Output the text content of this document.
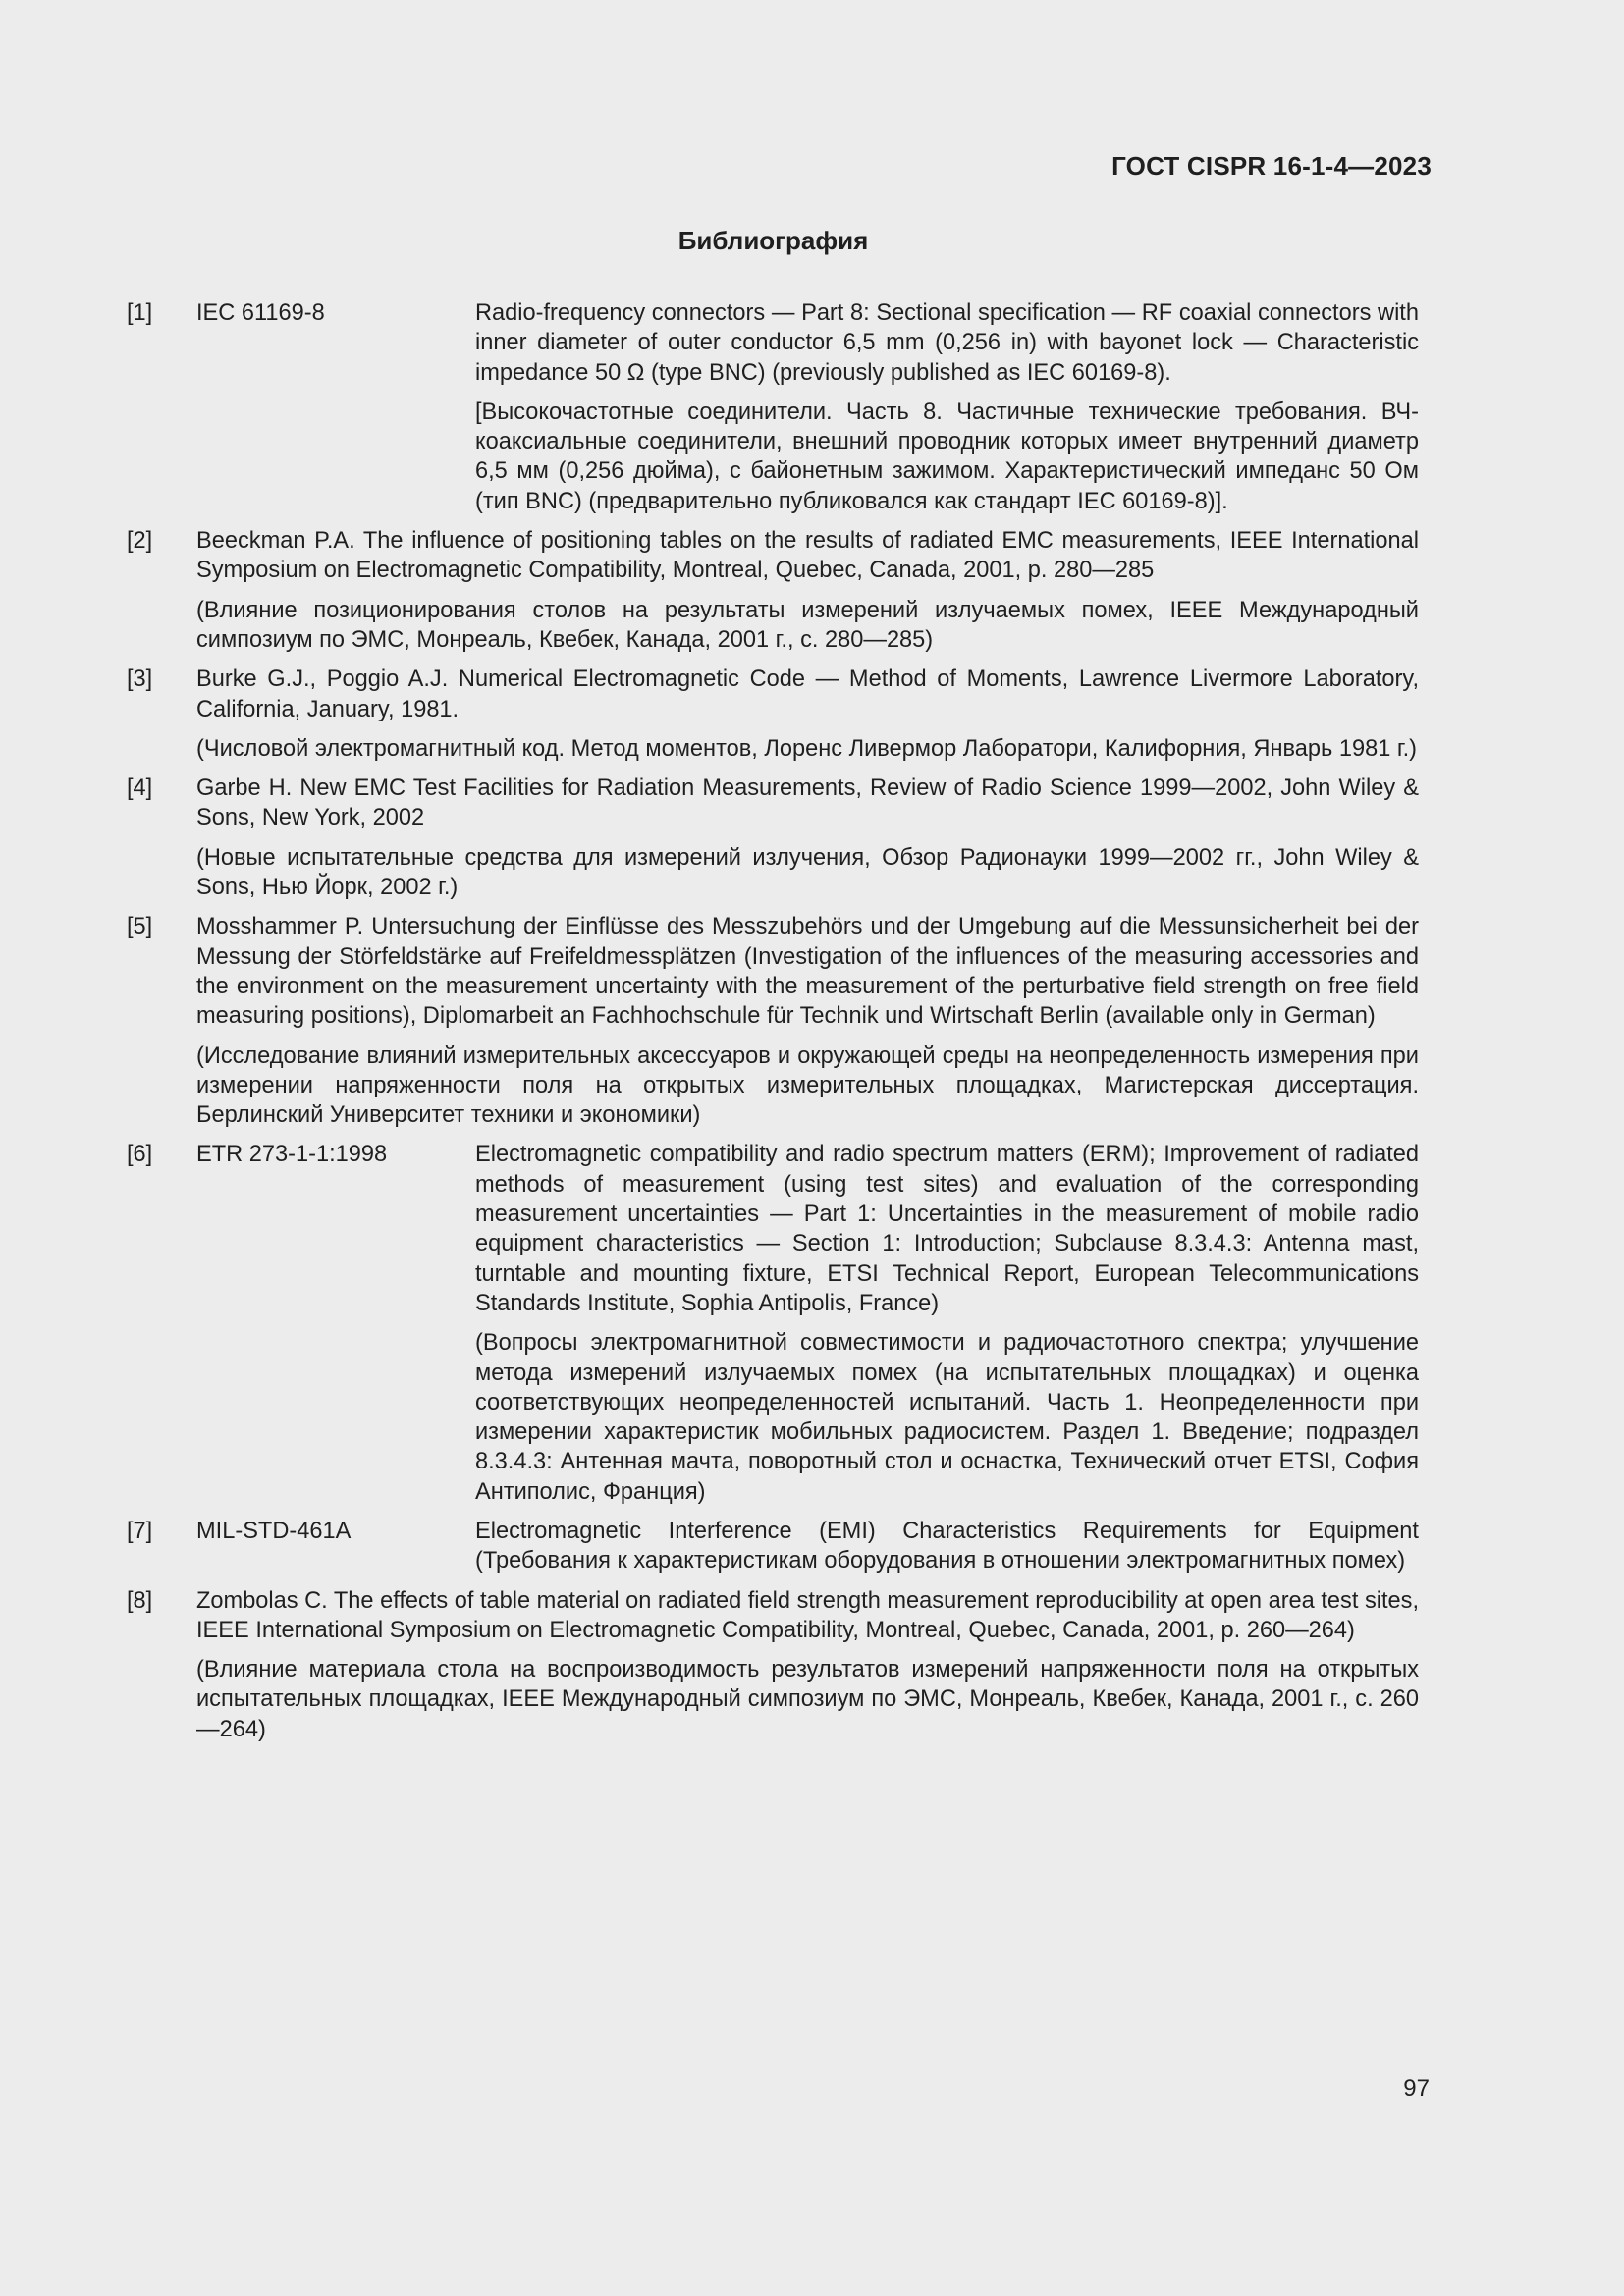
ГОСТ CISPR 16-1-4—2023
Библиография
[1] IEC 61169-8	Radio-frequency connectors — Part 8: Sectional specification — RF coaxial connectors with inner diameter of outer conductor 6,5 mm (0,256 in) with bayonet lock — Characteristic impedance 50 Ω (type BNC) (previously published as IEC 60169-8).

[Высокочастотные соединители. Часть 8. Частичные технические требования. ВЧ-коаксиальные соединители, внешний проводник которых имеет внутренний диаметр 6,5 мм (0,256 дюйма), с байонетным зажимом. Характеристический импеданс 50 Ом (тип BNC) (предварительно публиковался как стандарт IEC 60169-8)].

[2] Beeckman P.A. The influence of positioning tables on the results of radiated EMC measurements, IEEE International Symposium on Electromagnetic Compatibility, Montreal, Quebec, Canada, 2001, p. 280—285

(Влияние позиционирования столов на результаты измерений излучаемых помех, IEEE Международный симпозиум по ЭМС, Монреаль, Квебек, Канада, 2001 г., с. 280—285)

[3] Burke G.J., Poggio A.J. Numerical Electromagnetic Code — Method of Moments, Lawrence Livermore Laboratory, California, January, 1981.

(Числовой электромагнитный код. Метод моментов, Лоренс Ливермор Лаборатори, Калифорния, Январь 1981 г.)

[4] Garbe H. New EMC Test Facilities for Radiation Measurements, Review of Radio Science 1999—2002, John Wiley & Sons, New York, 2002

(Новые испытательные средства для измерений излучения, Обзор Радионауки 1999—2002 гг., John Wiley & Sons, Нью Йорк, 2002 г.)

[5] Mosshammer P. Untersuchung der Einflüsse des Messzubehörs und der Umgebung auf die Messunsicherheit bei der Messung der Störfeldstärke auf Freifeldmessplätzen (Investigation of the influences of the measuring accessories and the environment on the measurement uncertainty with the measurement of the perturbative field strength on free field measuring positions), Diplomarbeit an Fachhochschule für Technik und Wirtschaft Berlin (available only in German)

(Исследование влияний измерительных аксессуаров и окружающей среды на неопределенность измерения при измерении напряженности поля на открытых измерительных площадках, Магистерская диссертация. Берлинский Университет техники и экономики)

[6] ETR 273-1-1:1998	Electromagnetic compatibility and radio spectrum matters (ERM); Improvement of radiated methods of measurement (using test sites) and evaluation of the corresponding measurement uncertainties — Part 1: Uncertainties in the measurement of mobile radio equipment characteristics — Section 1: Introduction; Subclause 8.3.4.3: Antenna mast, turntable and mounting fixture, ETSI Technical Report, European Telecommunications Standards Institute, Sophia Antipolis, France)

(Вопросы электромагнитной совместимости и радиочастотного спектра; улучшение метода измерений излучаемых помех (на испытательных площадках) и оценка соответствующих неопределенностей испытаний. Часть 1. Неопределенности при измерении характеристик мобильных радиосистем. Раздел 1. Введение; подраздел 8.3.4.3: Антенная мачта, поворотный стол и оснастка, Технический отчет ETSI, София Антиполис, Франция)

[7] MIL-STD-461A	Electromagnetic Interference (EMI) Characteristics Requirements for Equipment (Требования к характеристикам оборудования в отношении электромагнитных помех)

[8] Zombolas C. The effects of table material on radiated field strength measurement reproducibility at open area test sites, IEEE International Symposium on Electromagnetic Compatibility, Montreal, Quebec, Canada, 2001, p. 260—264)

(Влияние материала стола на воспроизводимость результатов измерений напряженности поля на открытых испытательных площадках, IEEE Международный симпозиум по ЭМС, Монреаль, Квебек, Канада, 2001 г., с. 260—264)

97
